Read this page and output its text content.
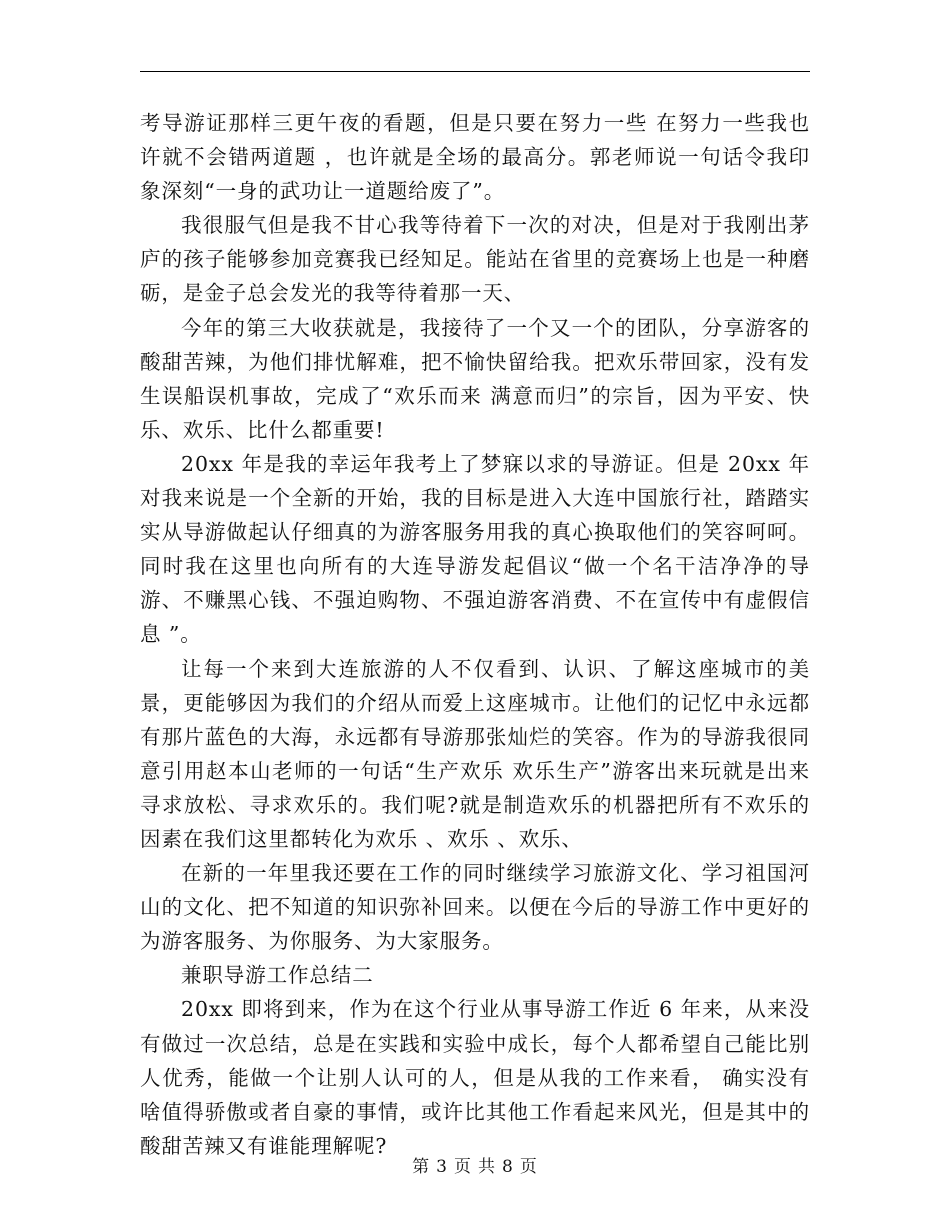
考导游证那样三更午夜的看题，但是只要在努力一些 在努力一些我也许就不会错两道题 ，也许就是全场的最高分。郭老师说一句话令我印象深刻“一身的武功让一道题给废了”。

我很服气但是我不甘心我等待着下一次的对决，但是对于我刚出茅庐的孩子能够参加竞赛我已经知足。能站在省里的竞赛场上也是一种磨砺，是金子总会发光的我等待着那一天、

今年的第三大收获就是，我接待了一个又一个的团队，分享游客的酸甜苦辣，为他们排忧解难，把不愉快留给我。把欢乐带回家，没有发生误船误机事故，完成了“欢乐而来 满意而归”的宗旨，因为平安、快乐、欢乐、比什么都重要!

20xx 年是我的幸运年我考上了梦寐以求的导游证。但是 20xx 年对我来说是一个全新的开始，我的目标是进入大连中国旅行社，踏踏实实从导游做起认仔细真的为游客服务用我的真心换取他们的笑容呵呵。同时我在这里也向所有的大连导游发起倡议“做一个名干洁净净的导游、不赚黑心钱、不强迫购物、不强迫游客消费、不在宣传中有虚假信息 ”。

让每一个来到大连旅游的人不仅看到、认识、了解这座城市的美景，更能够因为我们的介绍从而爱上这座城市。让他们的记忆中永远都有那片蓝色的大海，永远都有导游那张灿烂的笑容。作为的导游我很同意引用赵本山老师的一句话“生产欢乐 欢乐生产”游客出来玩就是出来寻求放松、寻求欢乐的。我们呢?就是制造欢乐的机器把所有不欢乐的因素在我们这里都转化为欢乐 、欢乐 、欢乐、

在新的一年里我还要在工作的同时继续学习旅游文化、学习祖国河山的文化、把不知道的知识弥补回来。以便在今后的导游工作中更好的为游客服务、为你服务、为大家服务。

兼职导游工作总结二

20xx 即将到来，作为在这个行业从事导游工作近 6 年来，从来没有做过一次总结，总是在实践和实验中成长，每个人都希望自己能比别人优秀，能做一个让别人认可的人，但是从我的工作来看， 确实没有啥值得骄傲或者自豪的事情，或许比其他工作看起来风光，但是其中的酸甜苦辣又有谁能理解呢?

第 3 页 共 8 页
